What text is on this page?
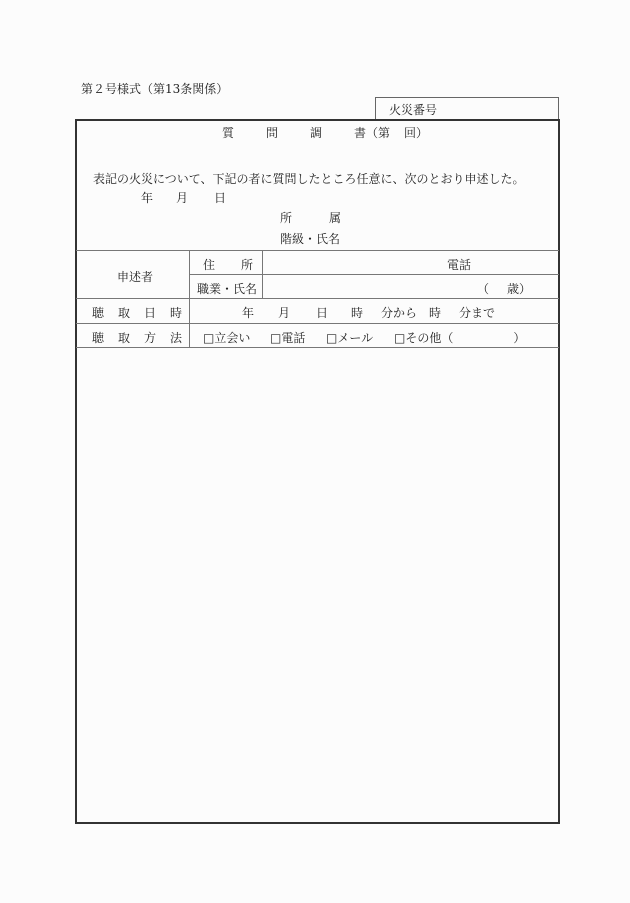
第２号様式（第13条関係）
火災番号
質	問	調	書（第 回）
表記の火災について、下記の者に質問したところ任意に、次のとおり申述した。
年 月 日
所	属
階級・氏名
申述者
住 所	電話
職業・氏名	（ 歳）
聴 取 日 時	年 月 日 時 分から 時 分まで
聴 取 方 法 □立会い □電話 □メール □その他（　　　　　）
